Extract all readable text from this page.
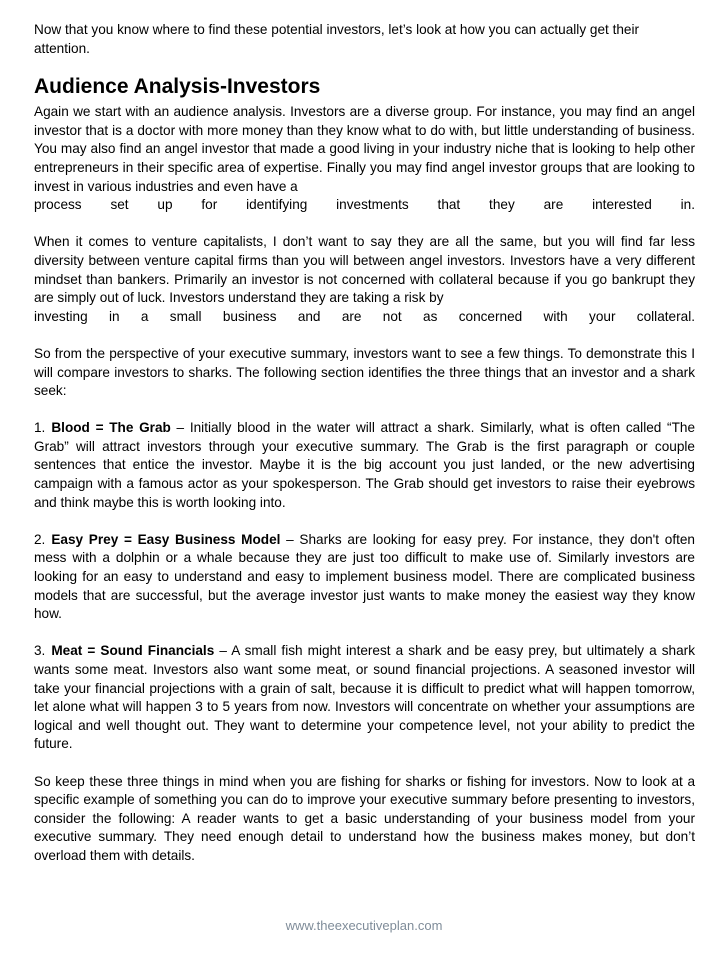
Now that you know where to find these potential investors, let’s look at how you can actually get their attention.

Audience Analysis-Investors

Again we start with an audience analysis. Investors are a diverse group. For instance, you may find an angel investor that is a doctor with more money than they know what to do with, but little understanding of business. You may also find an angel investor that made a good living in your industry niche that is looking to help other entrepreneurs in their specific area of expertise. Finally you may find angel investor groups that are looking to invest in various industries and even have a

process set up for identifying investments that they are interested in.

When it comes to venture capitalists, I don’t want to say they are all the same, but you will find far less diversity between venture capital firms than you will between angel investors. Investors have a very different mindset than bankers. Primarily an investor is not concerned with collateral because if you go bankrupt they are simply out of luck. Investors understand they are taking a risk by

investing in a small business and are not as concerned with your collateral.

So from the perspective of your executive summary, investors want to see a few things. To demonstrate this I will compare investors to sharks. The following section identifies the three things that an investor and a shark seek:

1. Blood = The Grab – Initially blood in the water will attract a shark. Similarly, what is often called “The Grab” will attract investors through your executive summary. The Grab is the first paragraph or couple sentences that entice the investor. Maybe it is the big account you just landed, or the new advertising campaign with a famous actor as your spokesperson. The Grab should get investors to raise their eyebrows and think maybe this is worth looking into.

2. Easy Prey = Easy Business Model – Sharks are looking for easy prey. For instance, they don't often mess with a dolphin or a whale because they are just too difficult to make use of. Similarly investors are looking for an easy to understand and easy to implement business model. There are complicated business models that are successful, but the average investor just wants to make money the easiest way they know how.

3. Meat = Sound Financials – A small fish might interest a shark and be easy prey, but ultimately a shark wants some meat. Investors also want some meat, or sound financial projections. A seasoned investor will take your financial projections with a grain of salt, because it is difficult to predict what will happen tomorrow, let alone what will happen 3 to 5 years from now. Investors will concentrate on whether your assumptions are logical and well thought out. They want to determine your competence level, not your ability to predict the future.

So keep these three things in mind when you are fishing for sharks or fishing for investors. Now to look at a specific example of something you can do to improve your executive summary before presenting to investors, consider the following: A reader wants to get a basic understanding of your business model from your executive summary. They need enough detail to understand how the business makes money, but don’t overload them with details.

www.theexecutiveplan.com
